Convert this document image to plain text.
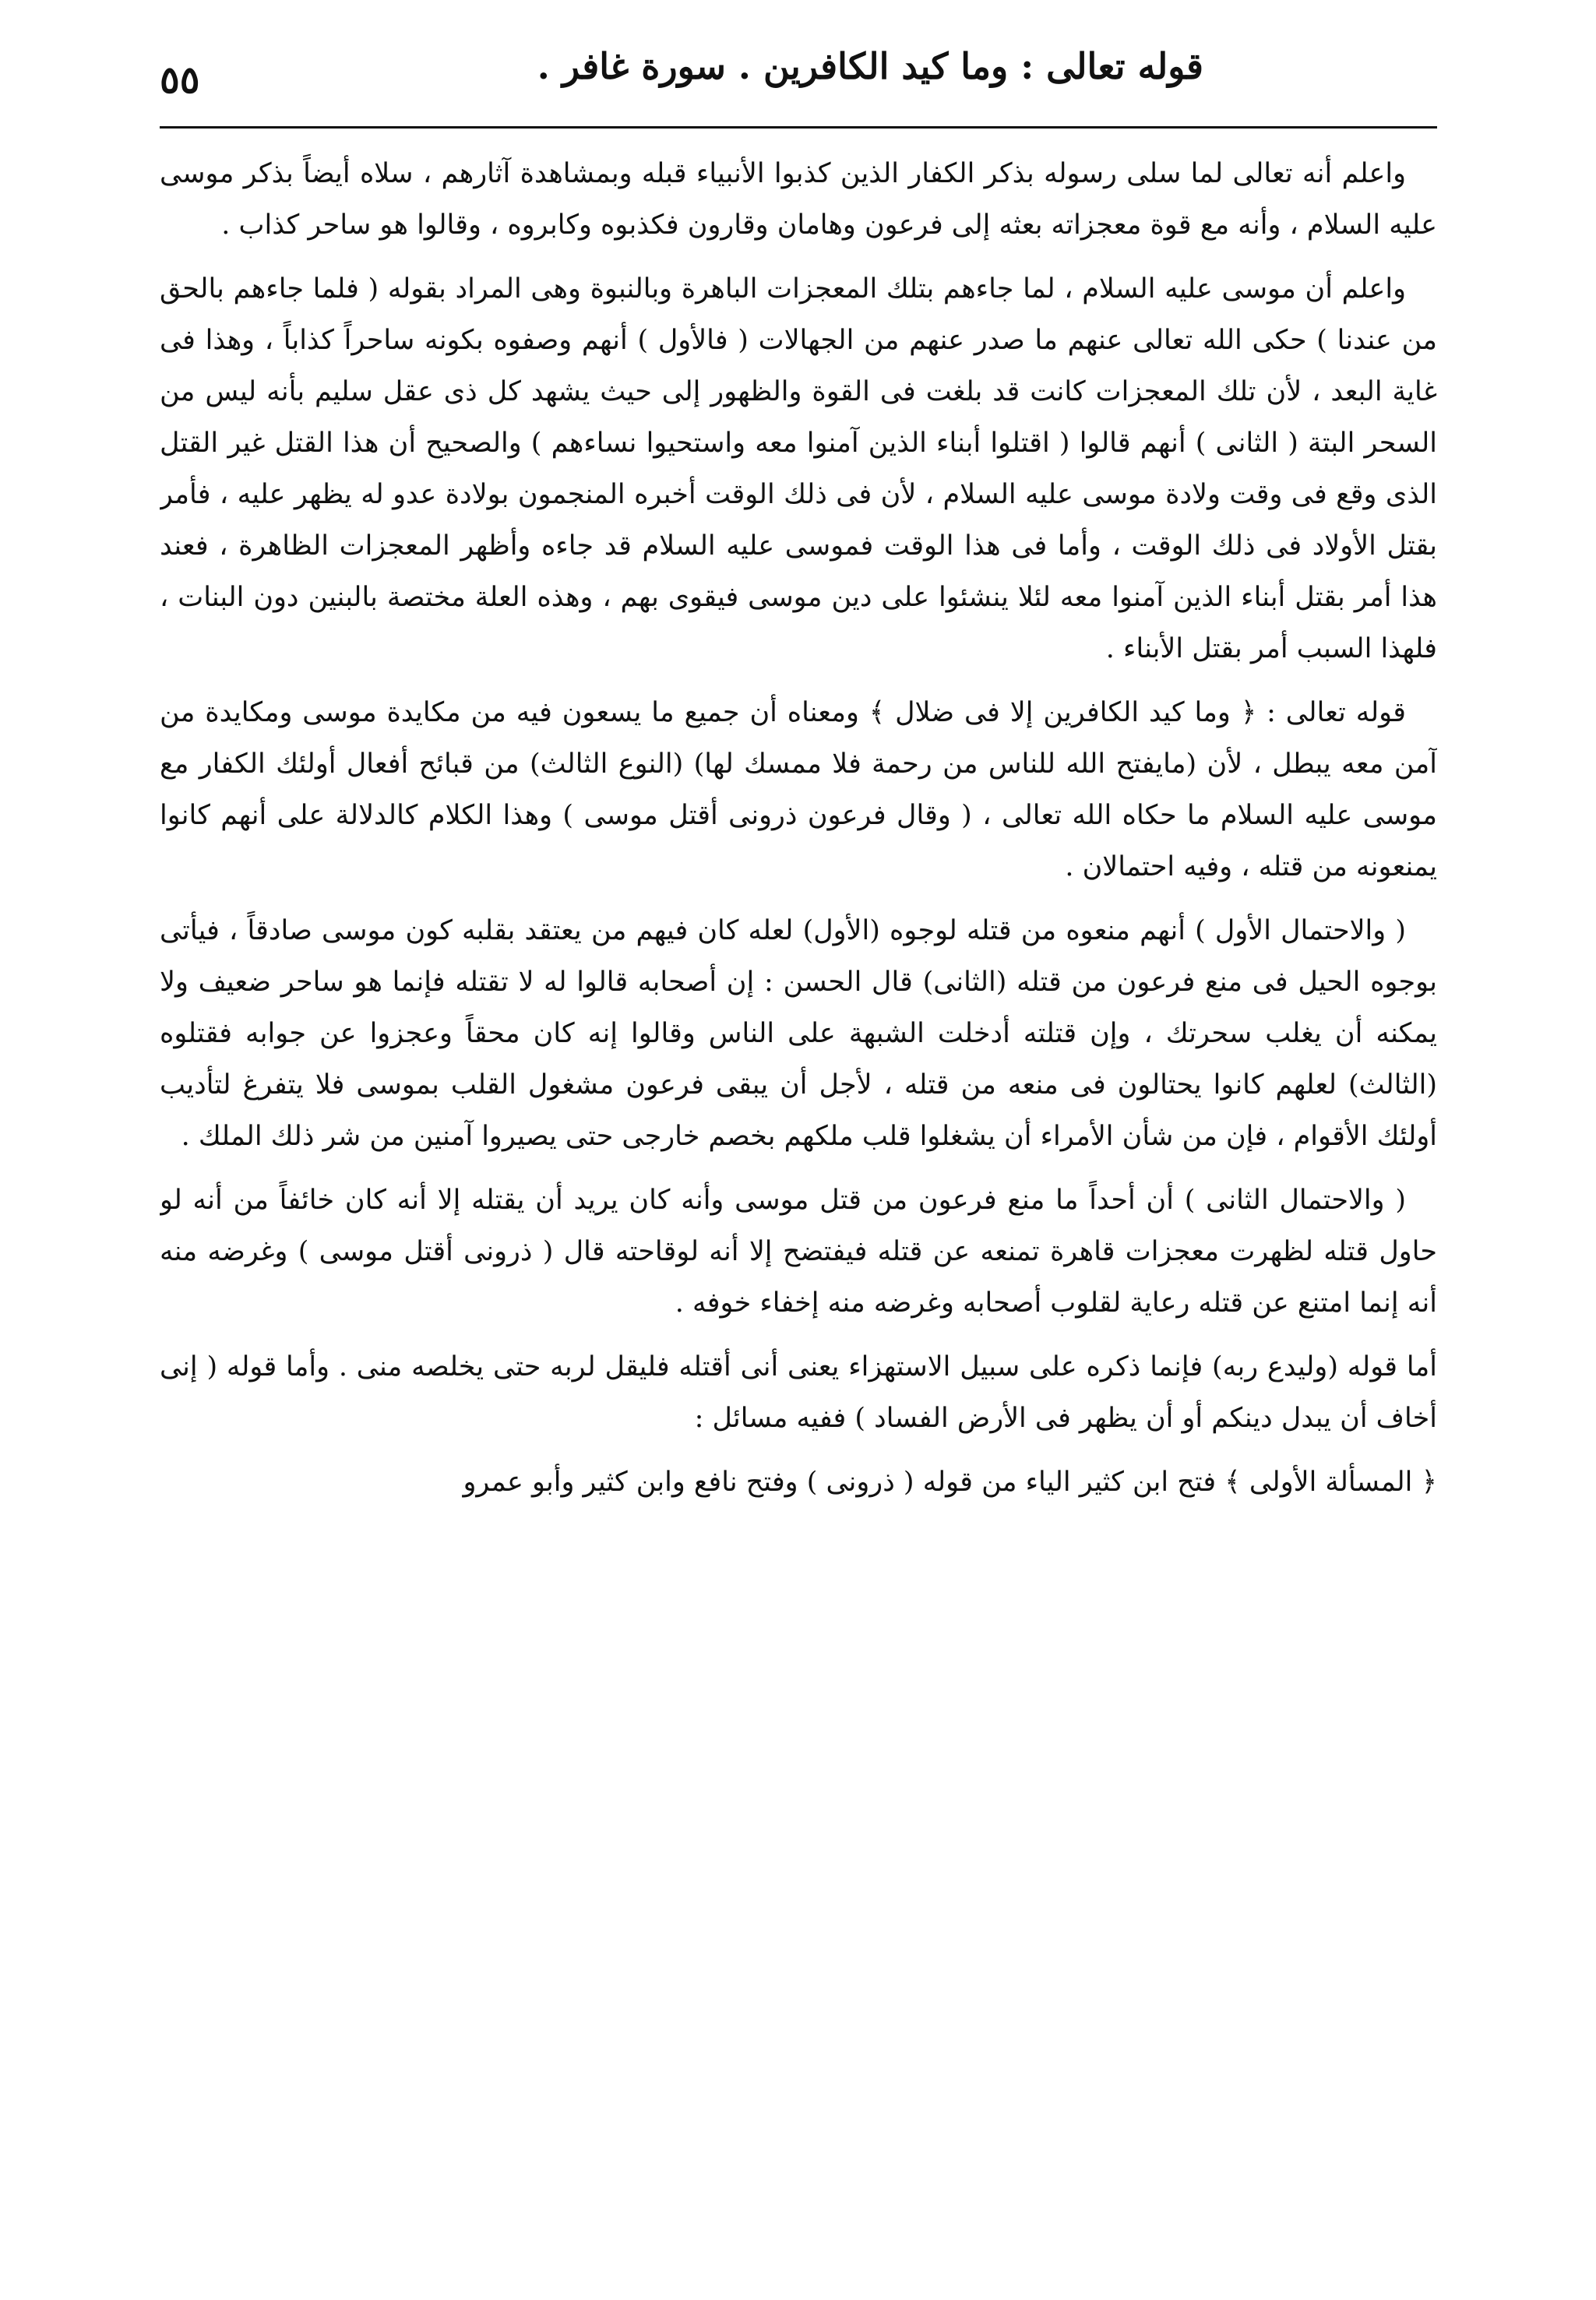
قوله تعالى : وما كيد الكافرين . سورة غافر .
٥٥

واعلم أنه تعالى لما سلى رسوله بذكر الكفار الذين كذبوا الأنبياء قبله وبمشاهدة آثارهم ، سلاه أيضاً بذكر موسى عليه السلام ، وأنه مع قوة معجزاته بعثه إلى فرعون وهامان وقارون فكذبوه وكابروه ، وقالوا هو ساحر كذاب .

واعلم أن موسى عليه السلام ، لما جاءهم بتلك المعجزات الباهرة وبالنبوة وهى المراد بقوله ( فلما جاءهم بالحق من عندنا ) حكى الله تعالى عنهم ما صدر عنهم من الجهالات ( فالأول ) أنهم وصفوه بكونه ساحراً كذاباً ، وهذا فى غاية البعد ، لأن تلك المعجزات كانت قد بلغت فى القوة والظهور إلى حيث يشهد كل ذى عقل سليم بأنه ليس من السحر البتة ( الثانى ) أنهم قالوا ( اقتلوا أبناء الذين آمنوا معه واستحيوا نساءهم ) والصحيح أن هذا القتل غير القتل الذى وقع فى وقت ولادة موسى عليه السلام ، لأن فى ذلك الوقت أخبره المنجمون بولادة عدو له يظهر عليه ، فأمر بقتل الأولاد فى ذلك الوقت ، وأما فى هذا الوقت فموسى عليه السلام قد جاءه وأظهر المعجزات الظاهرة ، فعند هذا أمر بقتل أبناء الذين آمنوا معه لئلا ينشئوا على دين موسى فيقوى بهم ، وهذه العلة مختصة بالبنين دون البنات ، فلهذا السبب أمر بقتل الأبناء .

قوله تعالى : ﴿ وما كيد الكافرين إلا فى ضلال ﴾ ومعناه أن جميع ما يسعون فيه من مكايدة موسى ومكايدة من آمن معه يبطل ، لأن (مايفتح الله للناس من رحمة فلا ممسك لها) (النوع الثالث) من قبائح أفعال أولئك الكفار مع موسى عليه السلام ما حكاه الله تعالى ، ( وقال فرعون ذرونى أقتل موسى ) وهذا الكلام كالدلالة على أنهم كانوا يمنعونه من قتله ، وفيه احتمالان .

( والاحتمال الأول ) أنهم منعوه من قتله لوجوه (الأول) لعله كان فيهم من يعتقد بقلبه كون موسى صادقاً ، فيأتى بوجوه الحيل فى منع فرعون من قتله (الثانى) قال الحسن : إن أصحابه قالوا له لا تقتله فإنما هو ساحر ضعيف ولا يمكنه أن يغلب سحرتك ، وإن قتلته أدخلت الشبهة على الناس وقالوا إنه كان محقاً وعجزوا عن جوابه فقتلوه (الثالث) لعلهم كانوا يحتالون فى منعه من قتله ، لأجل أن يبقى فرعون مشغول القلب بموسى فلا يتفرغ لتأديب أولئك الأقوام ، فإن من شأن الأمراء أن يشغلوا قلب ملكهم بخصم خارجى حتى يصيروا آمنين من شر ذلك الملك .

( والاحتمال الثانى ) أن أحداً ما منع فرعون من قتل موسى وأنه كان يريد أن يقتله إلا أنه كان خائفاً من أنه لو حاول قتله لظهرت معجزات قاهرة تمنعه عن قتله فيفتضح إلا أنه لوقاحته قال ( ذرونى أقتل موسى ) وغرضه منه أنه إنما امتنع عن قتله رعاية لقلوب أصحابه وغرضه منه إخفاء خوفه .

أما قوله (وليدع ربه) فإنما ذكره على سبيل الاستهزاء يعنى أنى أقتله فليقل لربه حتى يخلصه منى . وأما قوله ( إنى أخاف أن يبدل دينكم أو أن يظهر فى الأرض الفساد ) ففيه مسائل :

﴿ المسألة الأولى ﴾ فتح ابن كثير الياء من قوله ( ذرونى ) وفتح نافع وابن كثير وأبو عمرو
